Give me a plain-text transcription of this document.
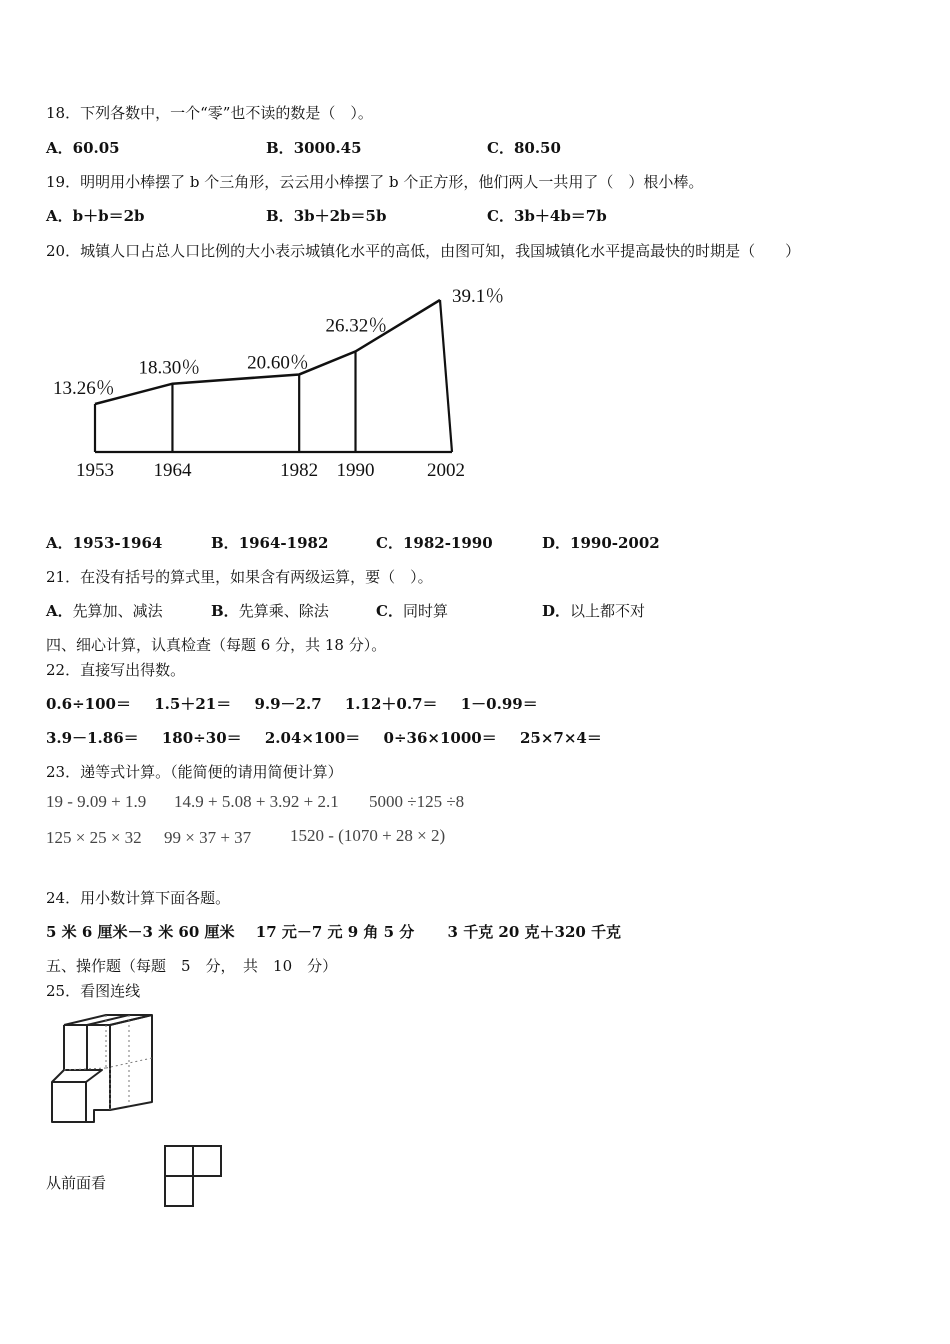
18．下列各数中，一个“零”也不读的数是（　）。
A．60.05	B．3000.45	C．80.50
19．明明用小棒摆了 b 个三角形，云云用小棒摆了 b 个正方形，他们两人一共用了（　）根小棒。
A．b＋b＝2b	B．3b＋2b＝5b	C．3b＋4b＝7b
20．城镇人口占总人口比例的大小表示城镇化水平的高低，由图可知，我国城镇化水平提高最快的时期是（　　）
13.26％
18.30％ 20.60％
26.32％
39.1％
1953 1964	1982 1990	2002
A．1953-1964	B．1964-1982	C．1982-1990	D．1990-2002
21．在没有括号的算式里，如果含有两级运算，要（　）。
A．先算加、减法	B．先算乘、除法	C．同时算	D．以上都不对
四、细心计算，认真检查（每题 6 分，共 18 分）。
22．直接写出得数。
0.6÷100＝ 1.5＋21＝ 9.9－2.7 1.12＋0.7＝ 1－0.99＝
3.9－1.86＝ 180÷30＝ 2.04×100＝ 0÷36×1000＝ 25×7×4＝
23．递等式计算。（能简便的请用简便计算）
19 - 9.09 + 1.9 14.9 + 5.08 + 3.92 + 2.1 5000 ÷125 ÷8
125 × 25 × 32 99 × 37 + 37 1520 - (1070 + 28 × 2)
24．用小数计算下面各题。
5 米 6 厘米－3 米 60 厘米 17 元－7 元 9 角 5 分 3 千克 20 克＋320 千克
五、操作题（每题　5　分，　共　10　分）
25．看图连线
从前面看
